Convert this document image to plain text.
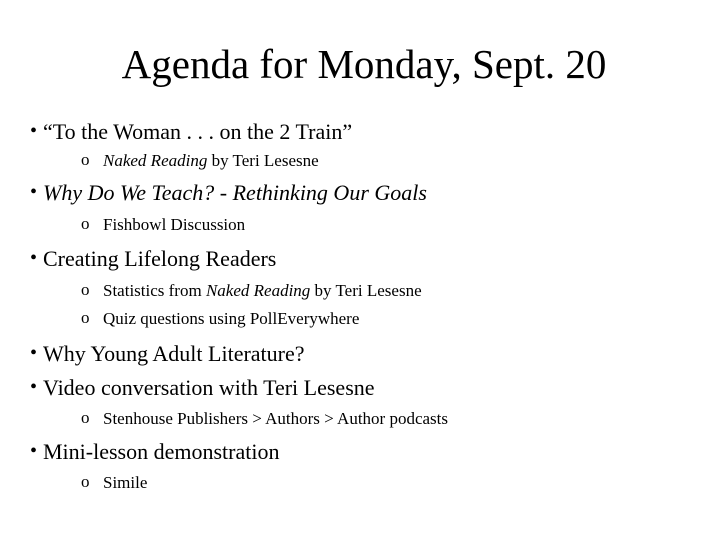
Agenda for Monday, Sept. 20
• “To the Woman . . . on the 2 Train”
o Naked Reading by Teri Lesesne
• Why Do We Teach? - Rethinking Our Goals
o Fishbowl Discussion
• Creating Lifelong Readers
o Statistics from Naked Reading by Teri Lesesne
o Quiz questions using PollEverywhere
• Why Young Adult Literature?
• Video conversation with Teri Lesesne
o Stenhouse Publishers > Authors > Author podcasts
• Mini-lesson demonstration
o Simile
